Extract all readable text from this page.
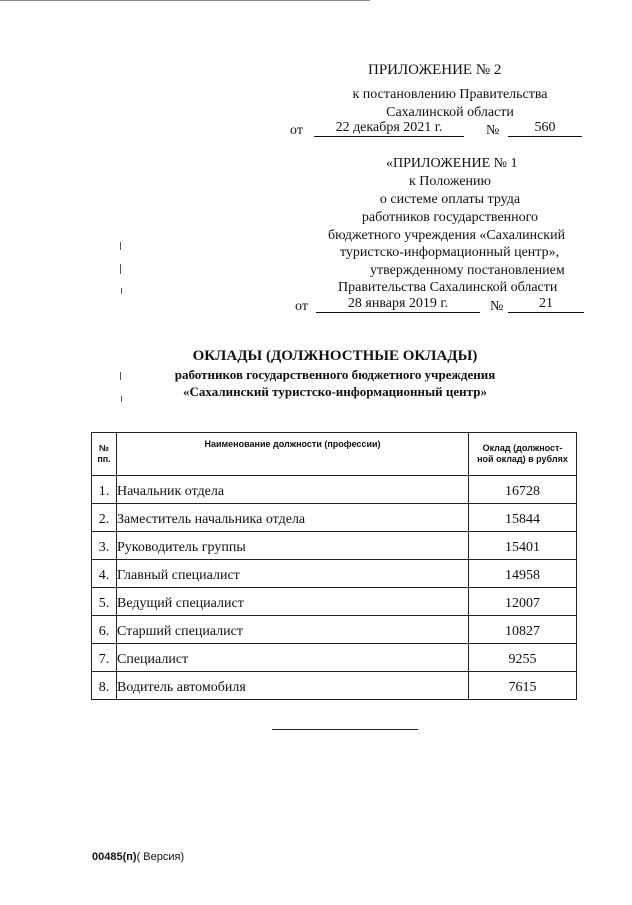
ПРИЛОЖЕНИЕ № 2
к постановлению Правительства
Сахалинской области
от	22 декабря 2021 г.	№	560
«ПРИЛОЖЕНИЕ № 1
к Положению
о системе оплаты труда
работников государственного
бюджетного учреждения «Сахалинский
туристско-информационный центр»,
утвержденному постановлением
Правительства Сахалинской области
от	28 января 2019 г.	№	21
ОКЛАДЫ (ДОЛЖНОСТНЫЕ ОКЛАДЫ)
работников государственного бюджетного учреждения
«Сахалинский туристско-информационный центр»
№
пп.	Наименование должности (профессии)	Оклад (должност-
ной оклад) в рублях
1.	Начальник отдела	16728
2.	Заместитель начальника отдела	15844
3.	Руководитель группы	15401
4.	Главный специалист	14958
5.	Ведущий специалист	12007
6.	Старший специалист	10827
7.	Специалист	9255
8.	Водитель автомобиля	7615
00485(п)( Версия)
